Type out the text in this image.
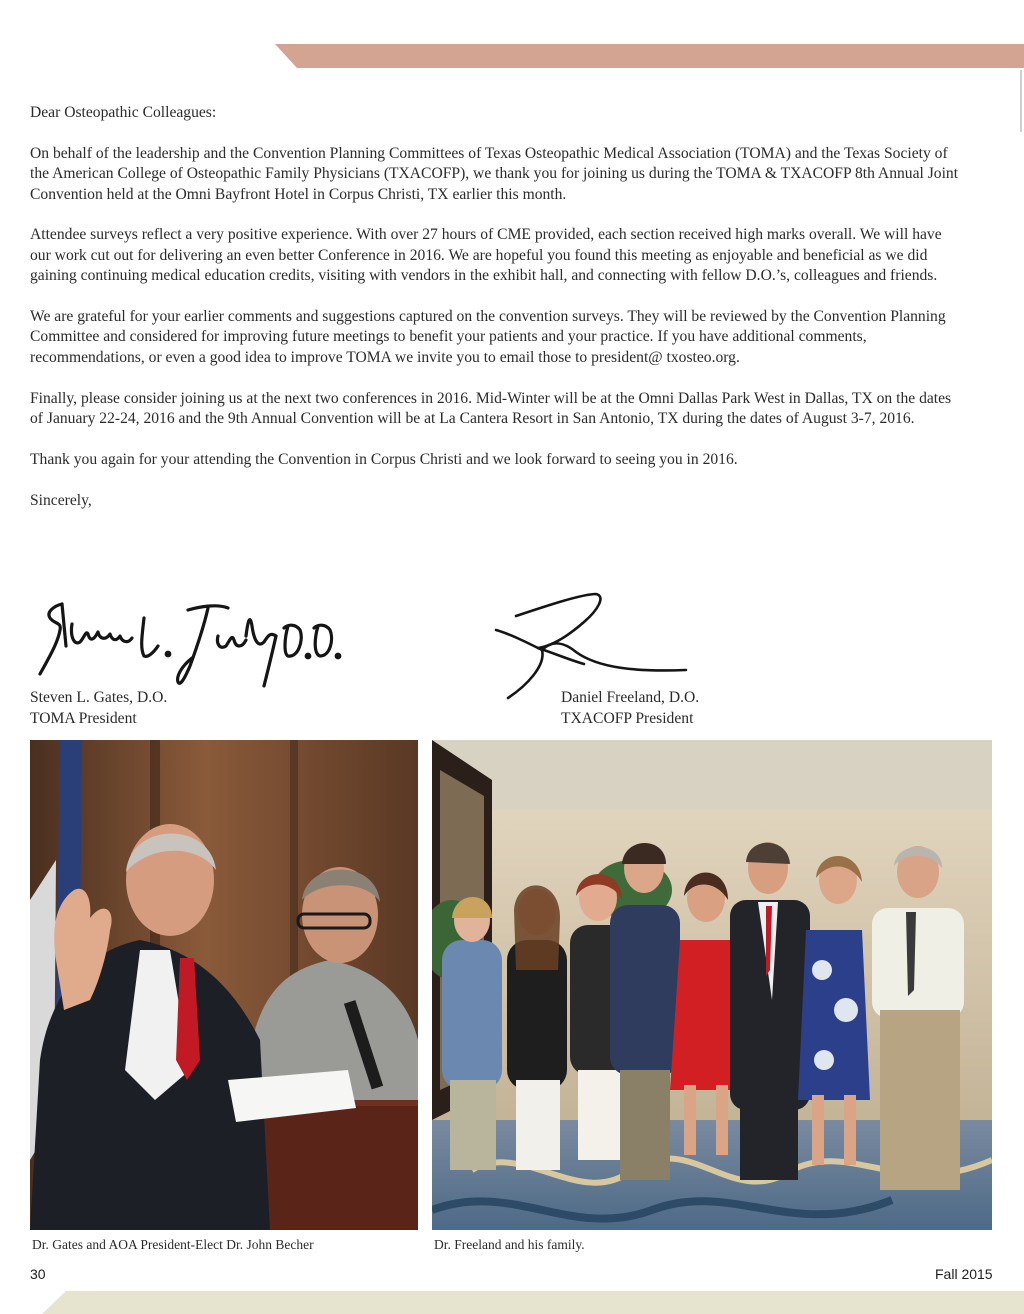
Dear Osteopathic Colleagues:

On behalf of the leadership and the Convention Planning Committees of Texas Osteopathic Medical Association (TOMA) and the Texas Society of the American College of Osteopathic Family Physicians (TXACOFP), we thank you for joining us during the TOMA & TXACOFP 8th Annual Joint Convention held at the Omni Bayfront Hotel in Corpus Christi, TX earlier this month.

Attendee surveys reflect a very positive experience. With over 27 hours of CME provided, each section received high marks overall. We will have our work cut out for delivering an even better Conference in 2016. We are hopeful you found this meeting as enjoyable and beneficial as we did gaining continuing medical education credits, visiting with vendors in the exhibit hall, and connecting with fellow D.O.’s, colleagues and friends.

We are grateful for your earlier comments and suggestions captured on the convention surveys. They will be reviewed by the Convention Planning Committee and considered for improving future meetings to benefit your patients and your practice. If you have additional comments, recommendations, or even a good idea to improve TOMA we invite you to email those to president@ txosteo.org.

Finally, please consider joining us at the next two conferences in 2016. Mid-Winter will be at the Omni Dallas Park West in Dallas, TX on the dates of January 22-24, 2016 and the 9th Annual Convention will be at La Cantera Resort in San Antonio, TX during the dates of August 3-7, 2016.

Thank you again for your attending the Convention in Corpus Christi and we look forward to seeing you in 2016.

Sincerely,

Steven L. Gates, D.O.
TOMA President
Daniel Freeland, D.O.
TXACOFP President
Dr. Gates and AOA President-Elect Dr. John Becher	Dr. Freeland and his family.
30	Fall 2015
